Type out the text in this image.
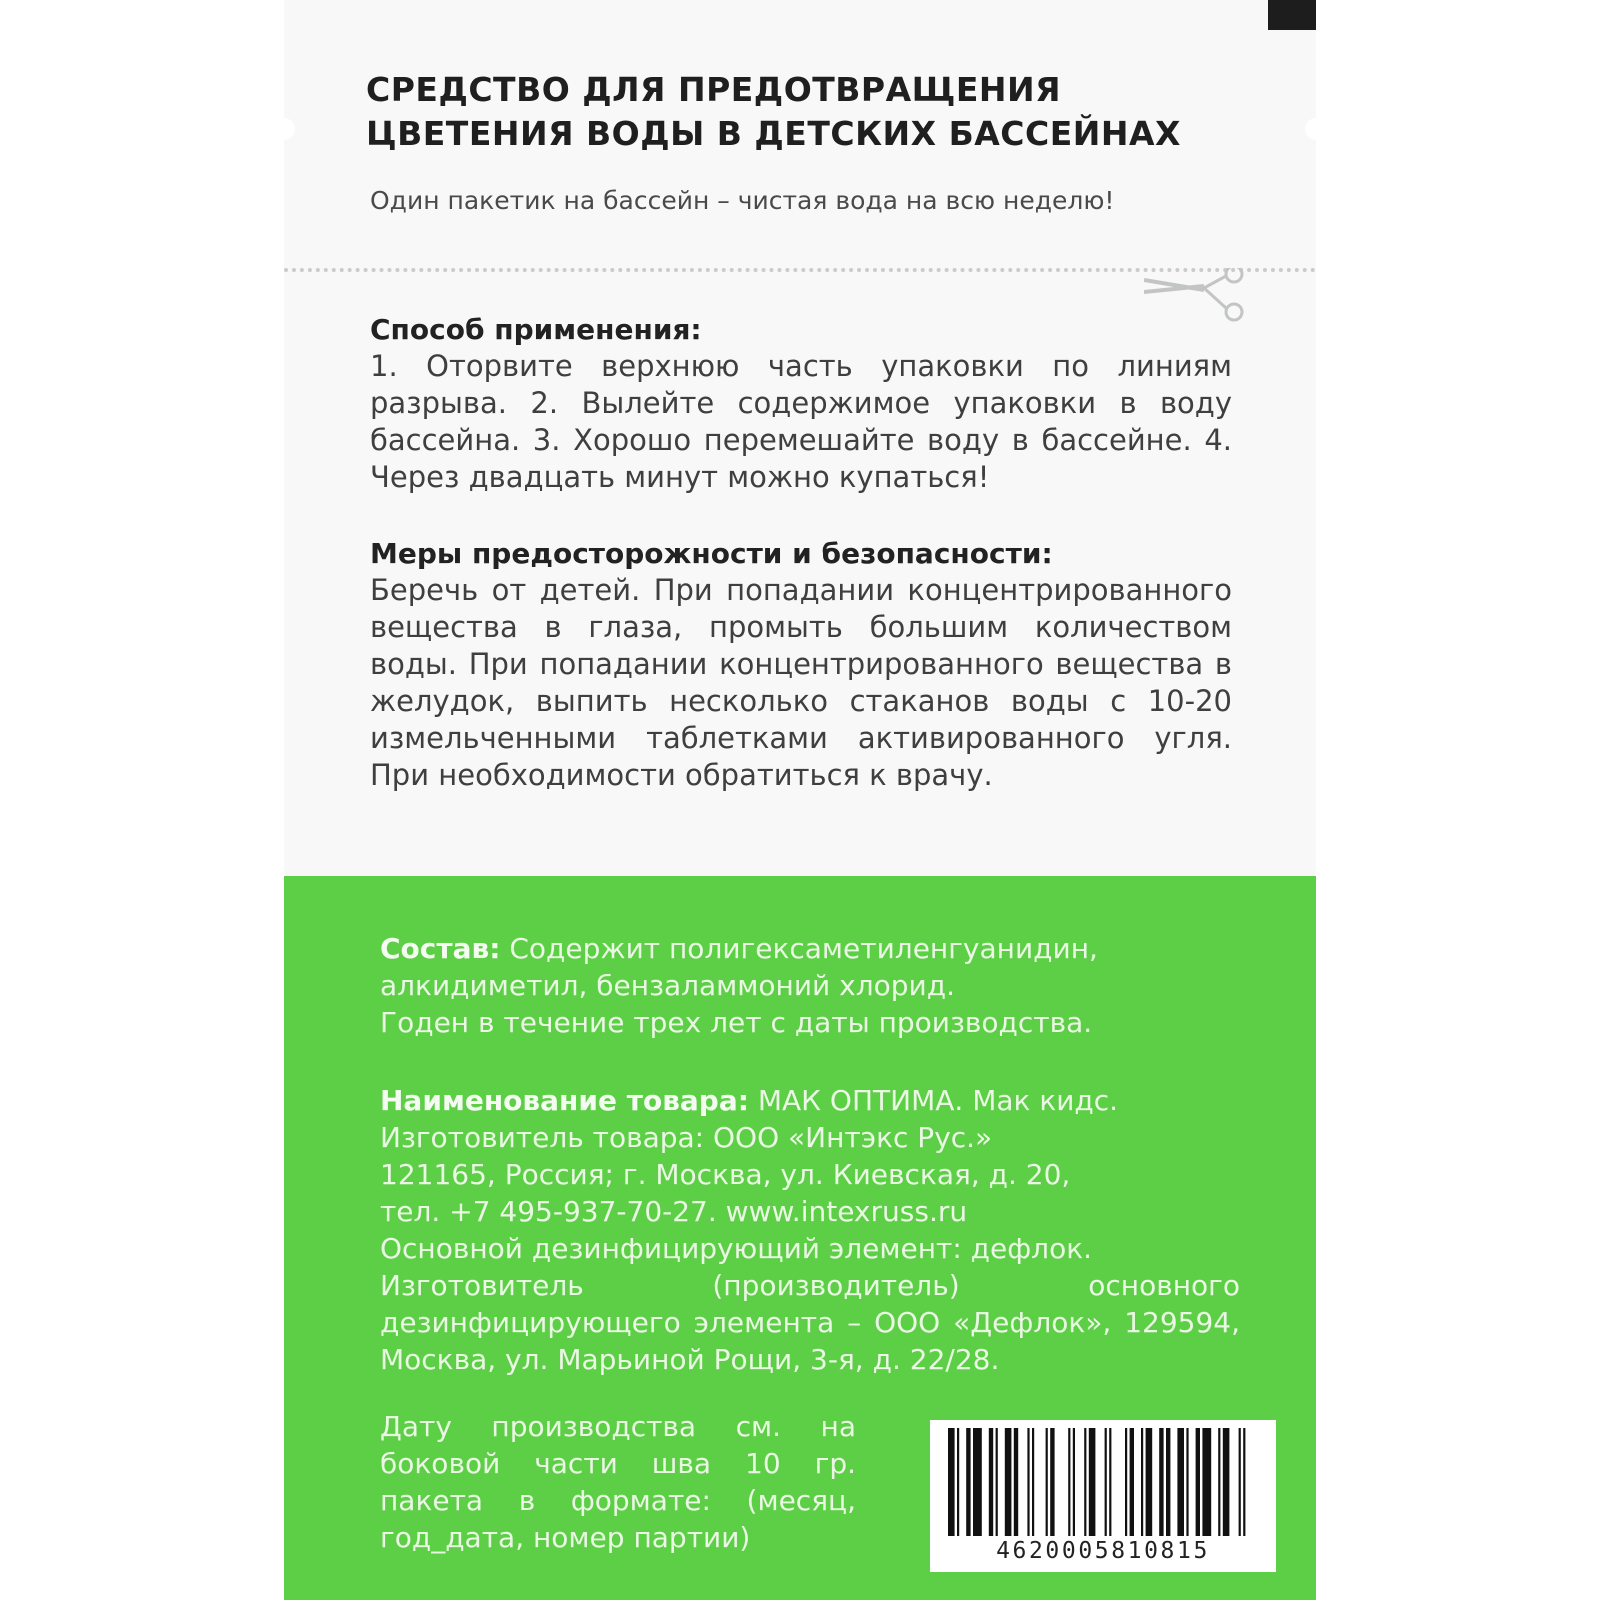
СРЕДСТВО ДЛЯ ПРЕДОТВРАЩЕНИЯ
ЦВЕТЕНИЯ ВОДЫ В ДЕТСКИХ БАССЕЙНАХ
Один пакетик на бассейн – чистая вода на всю неделю!
Способ применения:
1. Оторвите верхнюю часть упаковки по линиям разрыва. 2. Вылейте содержимое упаковки в воду бассейна. 3. Хорошо перемешайте воду в бассейне. 4. Через двадцать минут можно купаться!
Меры предосторожности и безопасности:
Беречь от детей. При попадании концентрированного вещества в глаза, промыть большим количеством воды. При попадании концентрированного вещества в желудок, выпить несколько стаканов воды с 10-20 измельченными таблетками активированного угля. При необходимости обратиться к врачу.
Состав: Содержит полигексаметиленгуанидин, алкидиметил, бензаламмоний хлорид.
Годен в течение трех лет с даты производства.
Наименование товара: МАК ОПТИМА. Мак кидс.
Изготовитель товара: ООО «Интэкс Рус.»
121165, Россия; г. Москва, ул. Киевская, д. 20,
тел. +7 495-937-70-27. www.intexruss.ru
Основной дезинфицирующий элемент: дефлок.
Изготовитель (производитель) основного дезинфицирующего элемента – ООО «Дефлок», 129594, Москва, ул. Марьиной Рощи, 3-я, д. 22/28.
Дату производства см. на боковой части шва 10 гр. пакета в формате: (месяц, год_дата, номер партии)	4620005810815
